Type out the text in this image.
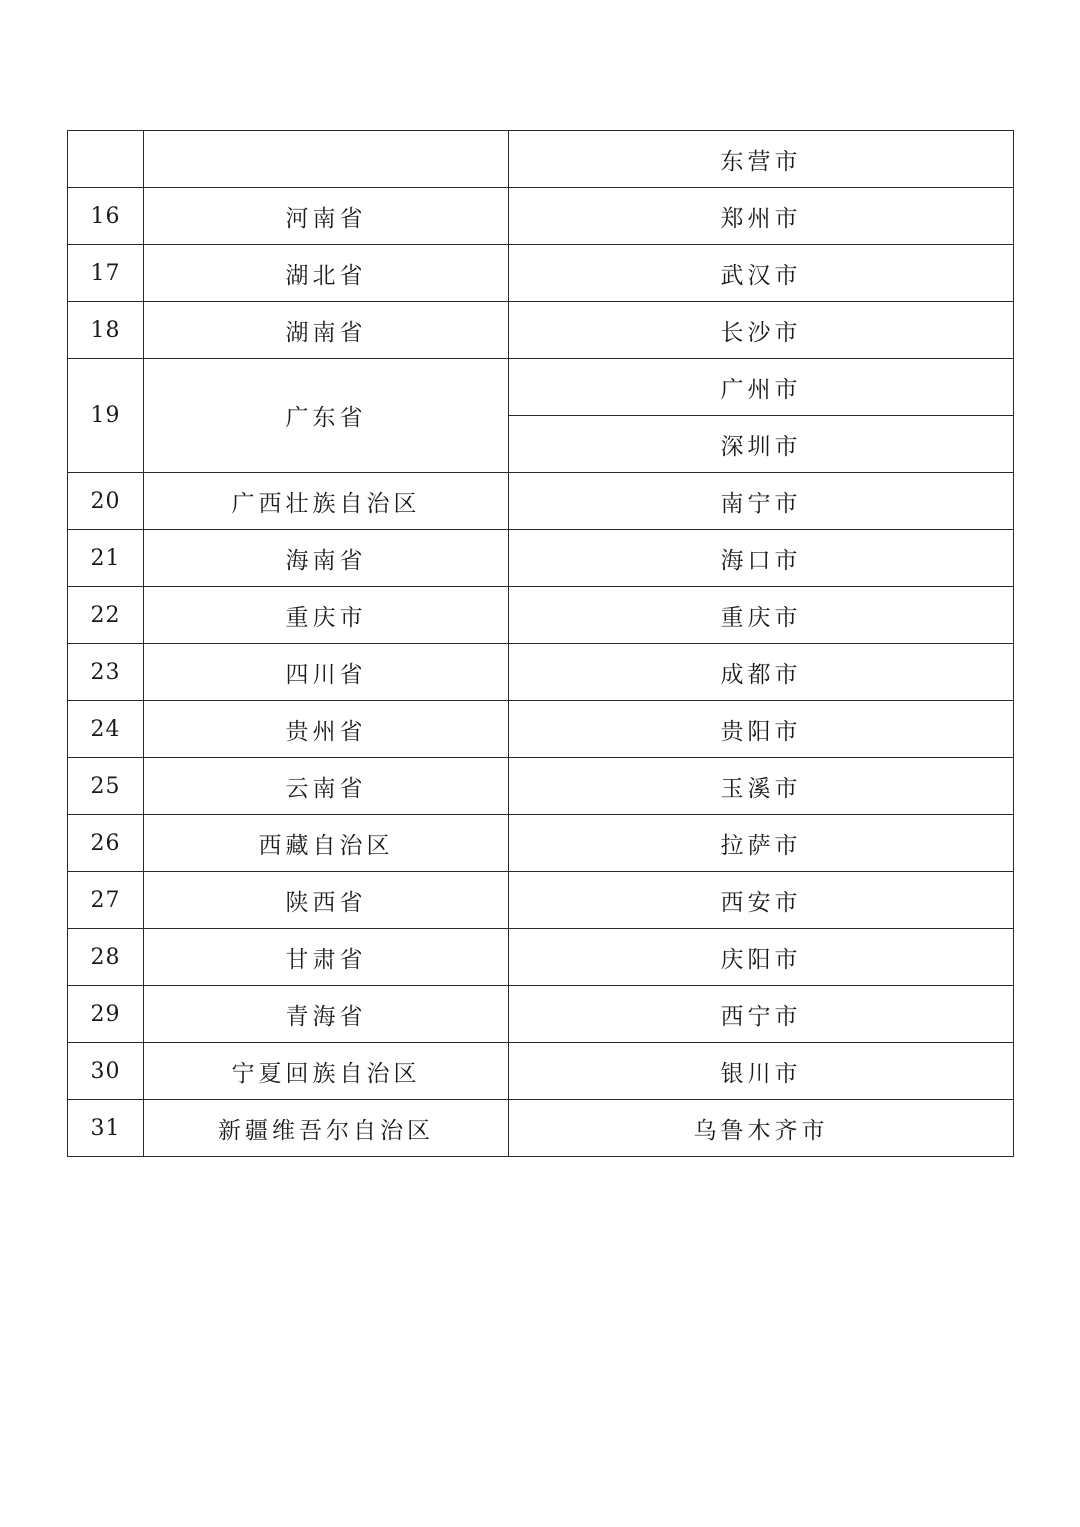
		东营市
16	河南省	郑州市
17	湖北省	武汉市
18	湖南省	长沙市
19	广东省	广州市
		深圳市
20	广西壮族自治区	南宁市
21	海南省	海口市
22	重庆市	重庆市
23	四川省	成都市
24	贵州省	贵阳市
25	云南省	玉溪市
26	西藏自治区	拉萨市
27	陕西省	西安市
28	甘肃省	庆阳市
29	青海省	西宁市
30	宁夏回族自治区	银川市
31	新疆维吾尔自治区	乌鲁木齐市
